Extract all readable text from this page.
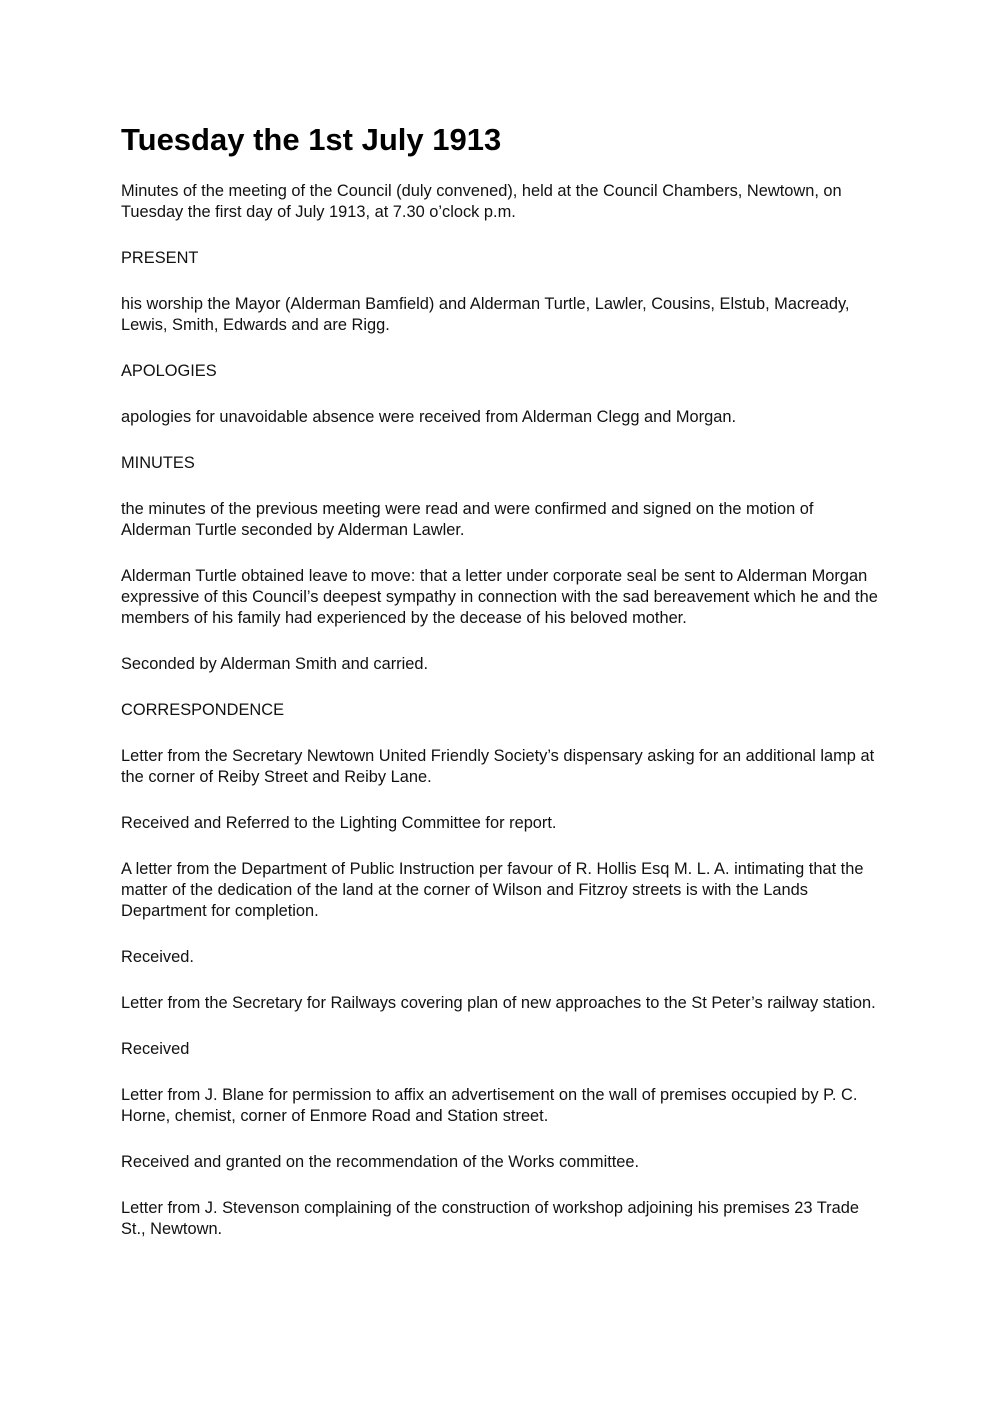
Tuesday the 1st July 1913

Minutes of the meeting of the Council (duly convened), held at the Council Chambers, Newtown, on Tuesday the first day of July 1913, at 7.30 o’clock p.m.

PRESENT

his worship the Mayor (Alderman Bamfield) and Alderman Turtle, Lawler, Cousins, Elstub, Macready, Lewis, Smith, Edwards and are Rigg.

APOLOGIES

apologies for unavoidable absence were received from Alderman Clegg and Morgan.

MINUTES

the minutes of the previous meeting were read and were confirmed and signed on the motion of Alderman Turtle seconded by Alderman Lawler.

Alderman Turtle obtained leave to move: that a letter under corporate seal be sent to Alderman Morgan expressive of this Council’s deepest sympathy in connection with the sad bereavement which he and the members of his family had experienced by the decease of his beloved mother.

Seconded by Alderman Smith and carried.

CORRESPONDENCE

Letter from the Secretary Newtown United Friendly Society’s dispensary asking for an additional lamp at the corner of Reiby Street and Reiby Lane.

Received and Referred to the Lighting Committee for report.

A letter from the Department of Public Instruction per favour of R. Hollis Esq M. L. A. intimating that the matter of the dedication of the land at the corner of Wilson and Fitzroy streets is with the Lands Department for completion.

Received.

Letter from the Secretary for Railways covering plan of new approaches to the St Peter’s railway station.

Received

Letter from J. Blane for permission to affix an advertisement on the wall of premises occupied by P. C. Horne, chemist, corner of Enmore Road and Station street.

Received and granted on the recommendation of the Works committee.

Letter from J. Stevenson complaining of the construction of workshop adjoining his premises 23 Trade St., Newtown.
